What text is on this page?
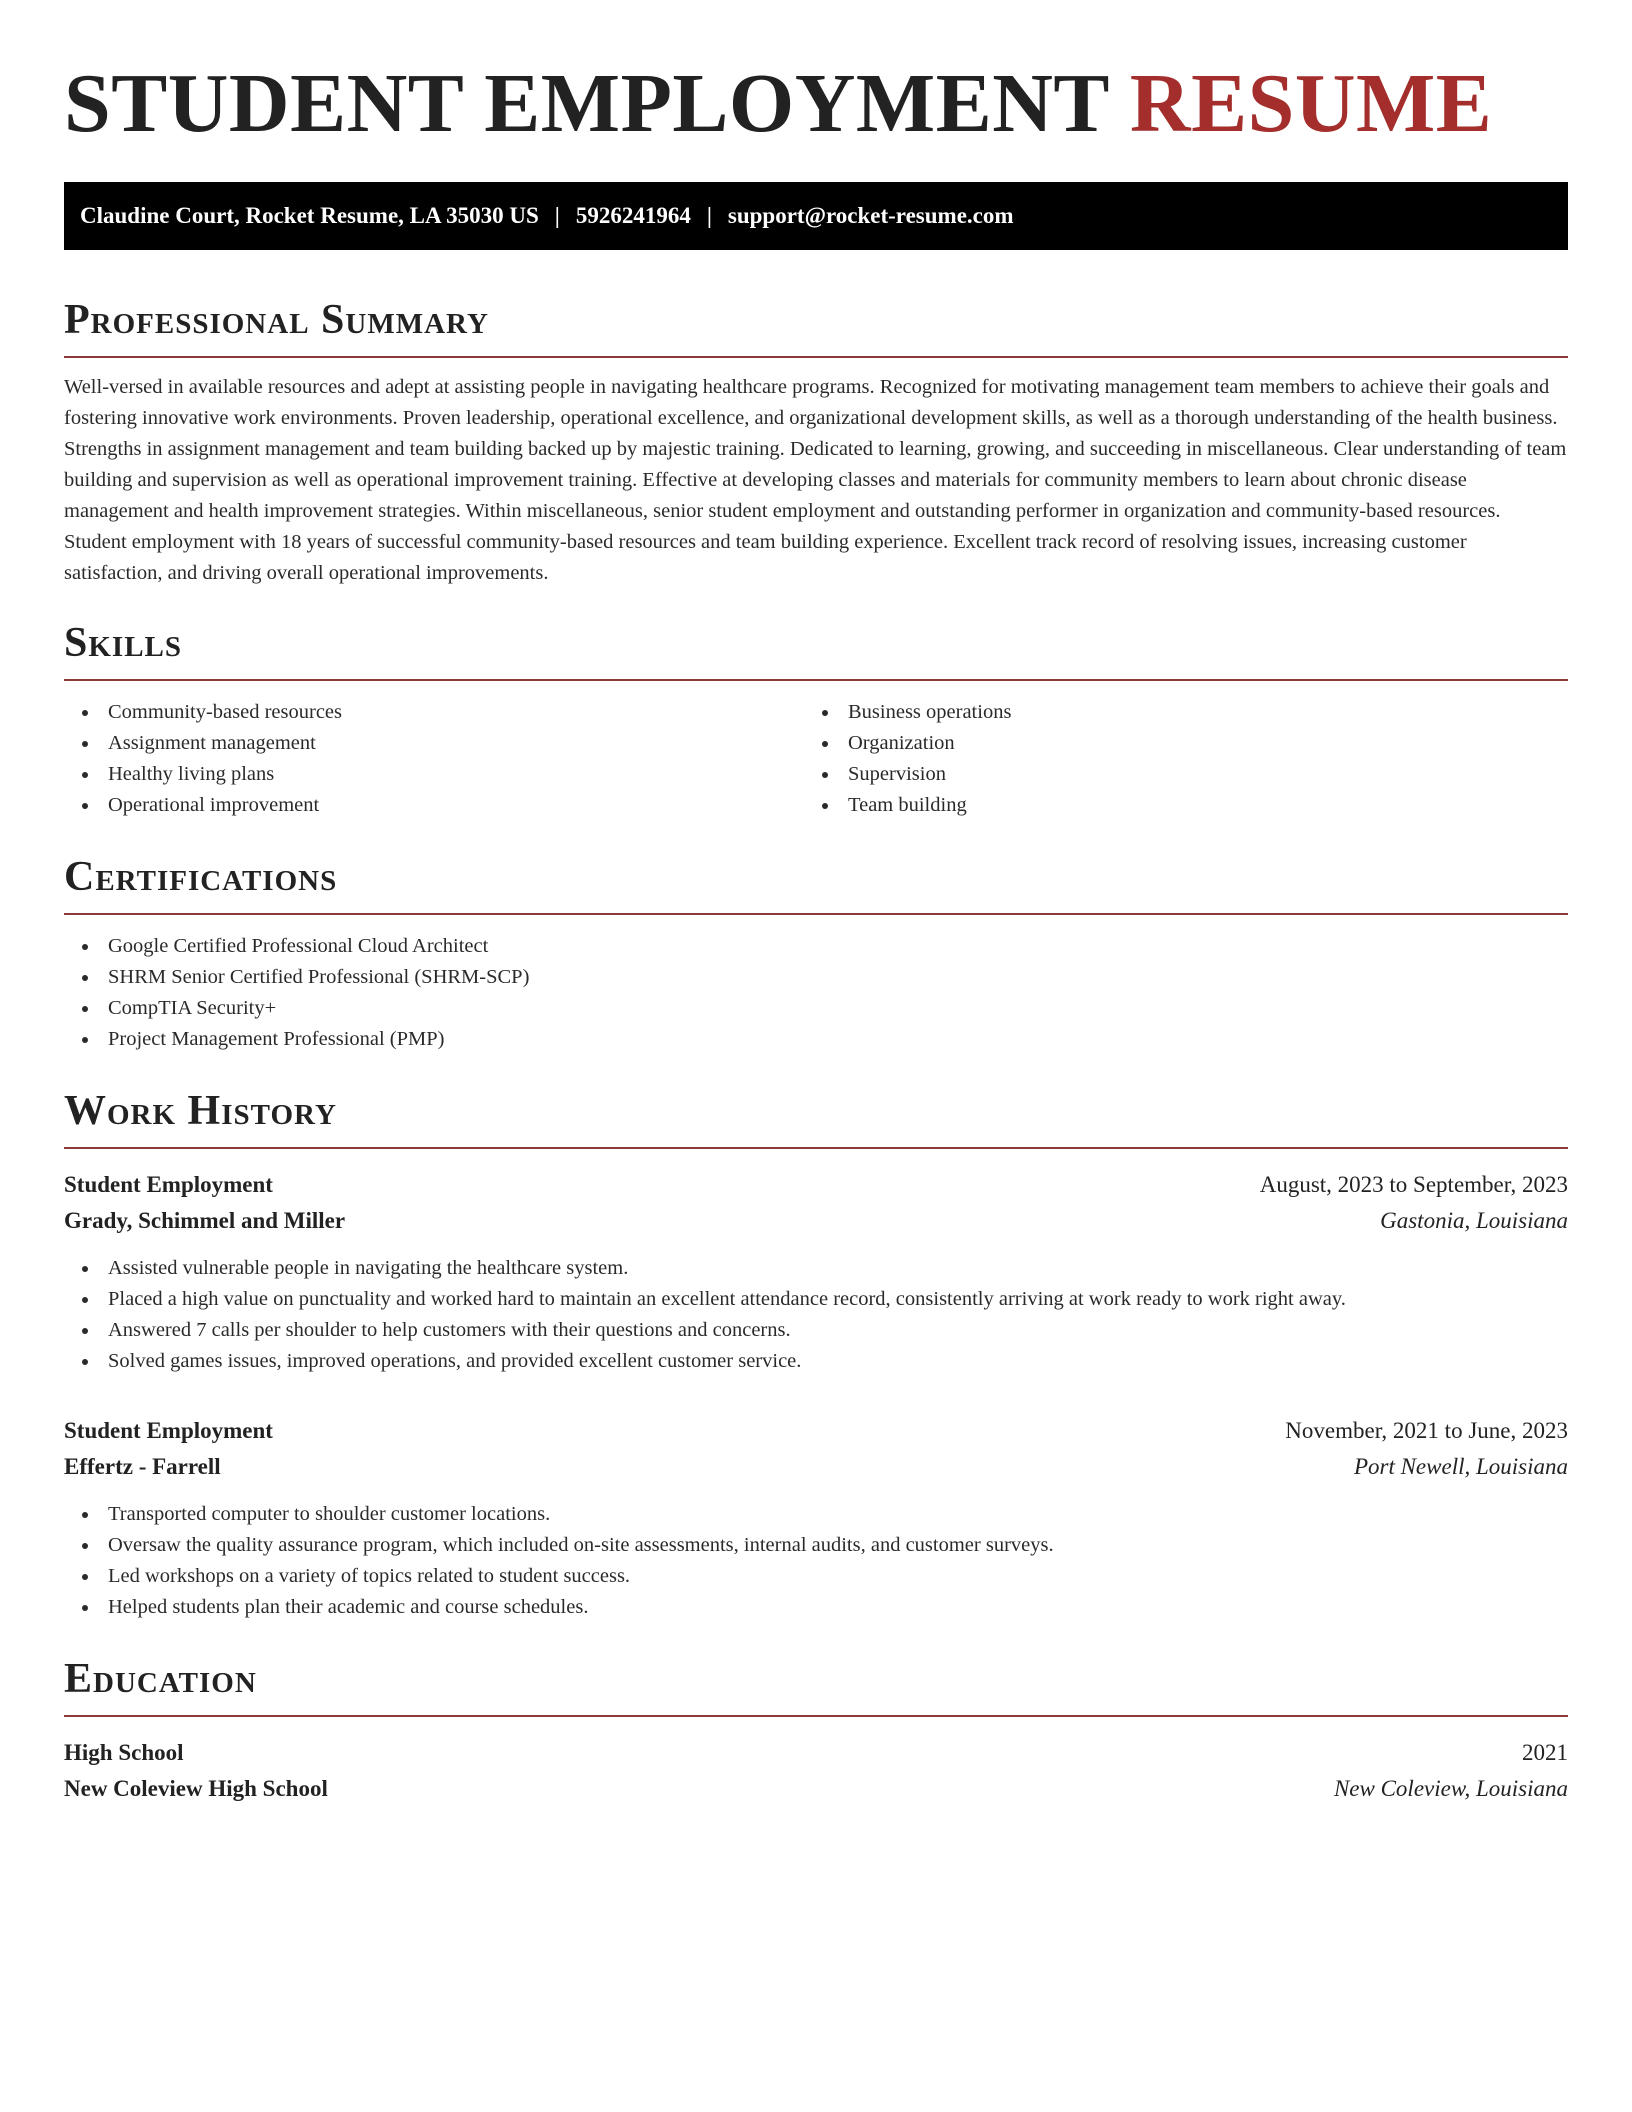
STUDENT EMPLOYMENT RESUME
Claudine Court, Rocket Resume, LA 35030 US | 5926241964 | support@rocket-resume.com
Professional Summary

Well-versed in available resources and adept at assisting people in navigating healthcare programs. Recognized for motivating management team members to achieve their goals and fostering innovative work environments. Proven leadership, operational excellence, and organizational development skills, as well as a thorough understanding of the health business. Strengths in assignment management and team building backed up by majestic training. Dedicated to learning, growing, and succeeding in miscellaneous. Clear understanding of team building and supervision as well as operational improvement training. Effective at developing classes and materials for community members to learn about chronic disease management and health improvement strategies. Within miscellaneous, senior student employment and outstanding performer in organization and community-based resources. Student employment with 18 years of successful community-based resources and team building experience. Excellent track record of resolving issues, increasing customer satisfaction, and driving overall operational improvements.

Skills
Community-based resources
Assignment management
Healthy living plans
Operational improvement
Business operations
Organization
Supervision
Team building
Certifications
Google Certified Professional Cloud Architect
SHRM Senior Certified Professional (SHRM-SCP)
CompTIA Security+
Project Management Professional (PMP)
Work History
Student Employment	August, 2023 to September, 2023
Grady, Schimmel and Miller	Gastonia, Louisiana
Assisted vulnerable people in navigating the healthcare system.
Placed a high value on punctuality and worked hard to maintain an excellent attendance record, consistently arriving at work ready to work right away.
Answered 7 calls per shoulder to help customers with their questions and concerns.
Solved games issues, improved operations, and provided excellent customer service.
Student Employment	November, 2021 to June, 2023
Effertz - Farrell	Port Newell, Louisiana
Transported computer to shoulder customer locations.
Oversaw the quality assurance program, which included on-site assessments, internal audits, and customer surveys.
Led workshops on a variety of topics related to student success.
Helped students plan their academic and course schedules.
Education
High School	2021
New Coleview High School	New Coleview, Louisiana
